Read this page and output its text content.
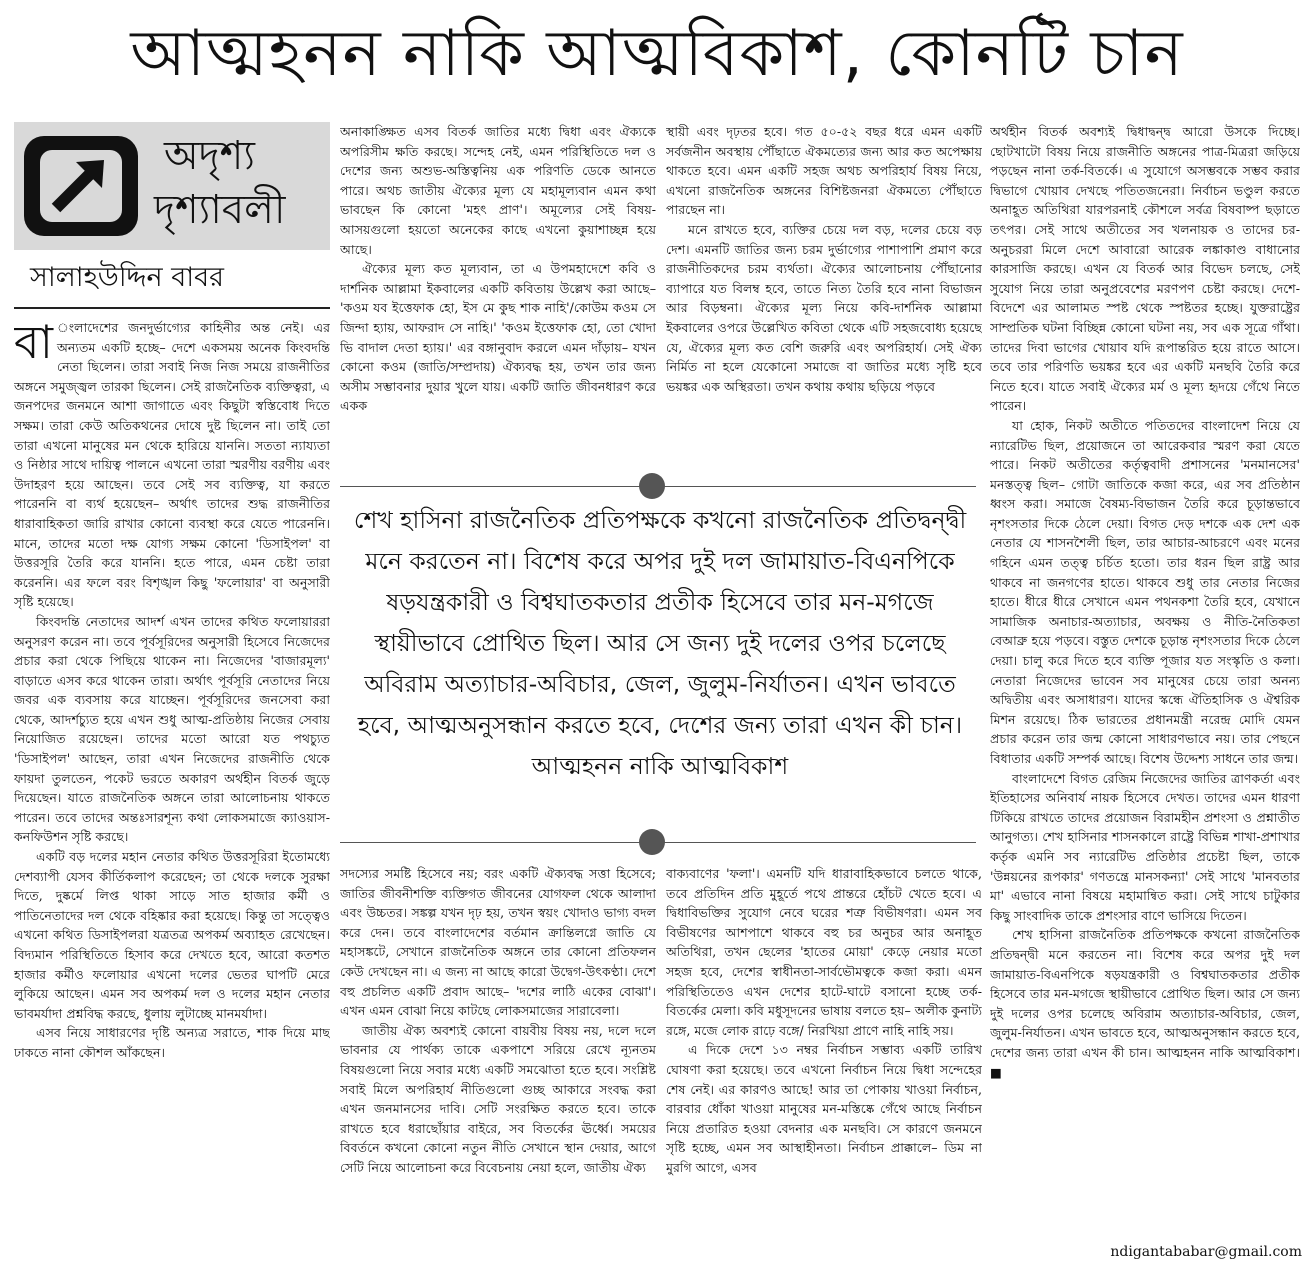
আত্মহনন নাকি আত্মবিকাশ, কোনটি চান
অদৃশ্য
দৃশ্যাবলী
সালাহউদ্দিন বাবর

বা ংলাদেশের জনদুর্ভাগ্যের কাহিনীর অন্ত নেই। এর অন্যতম একটি হচ্ছে– দেশে একসময় অনেক কিংবদন্তি নেতা ছিলেন। তারা সবাই নিজ নিজ সময়ে রাজনীতির অঙ্গনে সমুজ্জ্বল তারকা ছিলেন। সেই রাজনৈতিক ব্যক্তিত্বরা, এ জনপদের জনমনে আশা জাগাতে এবং কিছুটা স্বস্তিবোধ দিতে সক্ষম। তারা কেউ অতিকথনের দোষে দুষ্ট ছিলেন না। তাই তো তারা এখনো মানুষের মন থেকে হারিয়ে যাননি। সততা ন্যায্যতা ও নিষ্ঠার সাথে দায়িত্ব পালনে এখনো তারা স্মরণীয় বরণীয় এবং উদাহরণ হয়ে আছেন। তবে সেই সব ব্যক্তিত্ব, যা করতে পারেননি বা ব্যর্থ হয়েছেন– অর্থাৎ তাদের শুদ্ধ রাজনীতির ধারাবাহিকতা জারি রাখার কোনো ব্যবস্থা করে যেতে পারেননি। মানে, তাদের মতো দক্ষ যোগ্য সক্ষম কোনো 'ডিসাইপল' বা উত্তরসূরি তৈরি করে যাননি। হতে পারে, এমন চেষ্টা তারা করেননি। এর ফলে বরং বিশৃঙ্খল কিছু 'ফলোয়ার' বা অনুসারী সৃষ্টি হয়েছে।

কিংবদন্তি নেতাদের আদর্শ এখন তাদের কথিত ফলোয়াররা অনুসরণ করেন না। তবে পূর্বসূরিদের অনুসারী হিসেবে নিজেদের প্রচার করা থেকে পিছিয়ে থাকেন না। নিজেদের 'বাজারমূল্য' বাড়াতে এসব করে থাকেন তারা। অর্থাৎ পূর্বসূরি নেতাদের নিয়ে জবর এক ব্যবসায় করে যাচ্ছেন। পূর্বসূরিদের জনসেবা করা থেকে, আদর্শচ্যুত হয়ে এখন শুধু আত্ম-প্রতিষ্ঠায় নিজের সেবায় নিয়োজিত রয়েছেন। তাদের মতো আরো যত পথচ্যুত 'ডিসাইপল' আছেন, তারা এখন নিজেদের রাজনীতি থেকে ফায়দা তুলতেন, পকেট ভরতে অকারণ অর্থহীন বিতর্ক জুড়ে দিয়েছেন। যাতে রাজনৈতিক অঙ্গনে তারা আলোচনায় থাকতে পারেন। তবে তাদের অন্তঃসারশূন্য কথা লোকসমাজে ক্যাওয়াস-কনফিউশন সৃষ্টি করছে।

একটি বড় দলের মহান নেতার কথিত উত্তরসূরিরা ইতোমধ্যে দেশব্যাপী যেসব কীর্তিকলাপ করেছেন; তা থেকে দলকে সুরক্ষা দিতে, দুষ্কর্মে লিপ্ত থাকা সাড়ে সাত হাজার কর্মী ও পাতিনেতাদের দল থেকে বহিষ্কার করা হয়েছে। কিন্তু তা সত্ত্বেও এখনো কথিত ডিসাইপলরা যত্রতত্র অপকর্ম অব্যাহত রেখেছেন। বিদ্যমান পরিস্থিতিতে হিসাব করে দেখতে হবে, আরো কতশত হাজার কর্মীও ফলোয়ার এখনো দলের ভেতর ঘাপটি মেরে লুকিয়ে আছেন। এমন সব অপকর্ম দল ও দলের মহান নেতার ভাবমর্যাদা প্রশ্নবিদ্ধ করছে, ধুলায় লুটাচ্ছে মানমর্যাদা।

এসব নিয়ে সাধারণের দৃষ্টি অন্যত্র সরাতে, শাক দিয়ে মাছ ঢাকতে নানা কৌশল আঁকছেন।

অনাকাঙ্ক্ষিত এসব বিতর্ক জাতির মধ্যে দ্বিধা এবং ঐক্যকে অপরিসীম ক্ষতি করছে। সন্দেহ নেই, এমন পরিস্থিতিতে দল ও দেশের জন্য অশুভ-অস্তিত্বনিয় এক পরিণতি ডেকে আনতে পারে। অথচ জাতীয় ঐক্যের মূল্য যে মহামূল্যবান এমন কথা ভাবছেন কি কোনো 'মহৎ প্রাণ'। অমূল্যের সেই বিষয়-আসয়গুলো হয়তো অনেকের কাছে এখনো কুয়াশাচ্ছন্ন হয়ে আছে।

ঐক্যের মূল্য কত মূল্যবান, তা এ উপমহাদেশে কবি ও দার্শনিক আল্লামা ইকবালের একটি কবিতায় উল্লেখ করা আছে– 'কওম যব ইত্তেফাক হো, ইস মে কুছ শাক নাহি'/কোউম কওম সে জিন্দা হ্যায়, আফরাদ সে নাহি।' 'কওম ইত্তেফাক হো, তো খোদা ভি বাদাল দেতা হ্যায়।' এর বঙ্গানুবাদ করলে এমন দাঁড়ায়– যখন কোনো কওম (জাতি/সম্প্রদায়) ঐক্যবদ্ধ হয়, তখন তার জন্য অসীম সম্ভাবনার দুয়ার খুলে যায়। একটি জাতি জীবনধারণ করে একক

স্থায়ী এবং দৃঢ়তর হবে। গত ৫০-৫২ বছর ধরে এমন একটি সর্বজনীন অবস্থায় পৌঁছাতে ঐকমত্যের জন্য আর কত অপেক্ষায় থাকতে হবে। এমন একটি সহজ অথচ অপরিহার্য বিষয় নিয়ে, এখনো রাজনৈতিক অঙ্গনের বিশিষ্টজনরা ঐকমত্যে পৌঁছাতে পারছেন না।

মনে রাখতে হবে, ব্যক্তির চেয়ে দল বড়, দলের চেয়ে বড় দেশ। এমনটি জাতির জন্য চরম দুর্ভাগ্যের পাশাপাশি প্রমাণ করে রাজনীতিকদের চরম ব্যর্থতা। ঐক্যের আলোচনায় পৌঁছানোর ব্যাপারে যত বিলম্ব হবে, তাতে নিত্য তৈরি হবে নানা বিভাজন আর বিড়ম্বনা। ঐক্যের মূল্য নিয়ে কবি-দার্শনিক আল্লামা ইকবালের ওপরে উল্লেখিত কবিতা থেকে এটি সহজবোধ্য হয়েছে যে, ঐক্যের মূল্য কত বেশি জরুরি এবং অপরিহার্য। সেই ঐক্য নির্মিত না হলে যেকোনো সমাজে বা জাতির মধ্যে সৃষ্টি হবে ভয়ঙ্কর এক অস্থিরতা। তখন কথায় কথায় ছড়িয়ে পড়বে

শেখ হাসিনা রাজনৈতিক প্রতিপক্ষকে কখনো রাজনৈতিক প্রতিদ্বন্দ্বী মনে করতেন না। বিশেষ করে অপর দুই দল জামায়াত-বিএনপিকে ষড়যন্ত্রকারী ও বিশ্বঘাতকতার প্রতীক হিসেবে তার মন-মগজে স্থায়ীভাবে প্রোথিত ছিল। আর সে জন্য দুই দলের ওপর চলেছে অবিরাম অত্যাচার-অবিচার, জেল, জুলুম-নির্যাতন। এখন ভাবতে হবে, আত্মঅনুসন্ধান করতে হবে, দেশের জন্য তারা এখন কী চান। আত্মহনন নাকি আত্মবিকাশ

সদস্যের সমষ্টি হিসেবে নয়; বরং একটি ঐক্যবদ্ধ সত্তা হিসেবে; জাতির জীবনীশক্তি ব্যক্তিগত জীবনের যোগফল থেকে আলাদা এবং উচ্চতর। সঙ্কল্প যখন দৃঢ় হয়, তখন স্বয়ং খোদাও ভাগ্য বদল করে দেন। তবে বাংলাদেশের বর্তমান ক্রান্তিলগ্নে জাতি যে মহাসঙ্কটে, সেখানে রাজনৈতিক অঙ্গনে তার কোনো প্রতিফলন কেউ দেখছেন না। এ জন্য না আছে কারো উদ্বেগ-উৎকণ্ঠা। দেশে বহু প্রচলিত একটি প্রবাদ আছে– 'দশের লাঠি একের বোঝা'। এখন এমন বোঝা নিয়ে কাটছে লোকসমাজের সারাবেলা।

জাতীয় ঐক্য অবশ্যই কোনো বায়বীয় বিষয় নয়, দলে দলে ভাবনার যে পার্থক্য তাকে একপাশে সরিয়ে রেখে ন্যূনতম বিষয়গুলো নিয়ে সবার মধ্যে একটি সমঝোতা হতে হবে। সংশ্লিষ্ট সবাই মিলে অপরিহার্য নীতিগুলো গুচ্ছ আকারে সংবদ্ধ করা এখন জনমানসের দাবি। সেটি সংরক্ষিত করতে হবে। তাকে রাখতে হবে ধরাছোঁয়ার বাইরে, সব বিতর্কের ঊর্ধ্বে। সময়ের বিবর্তনে কখনো কোনো নতুন নীতি সেখানে স্থান দেয়ার, আগে সেটি নিয়ে আলোচনা করে বিবেচনায় নেয়া হলে, জাতীয় ঐক্য

বাক্যবাণের 'ফলা'। এমনটি যদি ধারাবাহিকভাবে চলতে থাকে, তবে প্রতিদিন প্রতি মুহূর্তে পথে প্রান্তরে হোঁচট খেতে হবে। এ দ্বিধাবিভক্তির সুযোগ নেবে ঘরের শত্রু বিভীষণরা। এমন সব বিভীষণের আশপাশে থাকবে বহু চর অনুচর আর অনাহূত অতিথিরা, তখন ছেলের 'হাতের মোয়া' কেড়ে নেয়ার মতো সহজ হবে, দেশের স্বাধীনতা-সার্বভৌমত্বকে কজা করা। এমন পরিস্থিতিতেও এখন দেশের হাটে-ঘাটে বসানো হচ্ছে তর্ক-বিতর্কের মেলা। কবি মধুসূদনের ভাষায় বলতে হয়– অলীক কুনাট্য রঙ্গে, মজে লোক রাঢ়ে বঙ্গে/ নিরখিয়া প্রাণে নাহি নাহি সয়।

এ দিকে দেশে ১৩ নম্বর নির্বাচন সম্ভাব্য একটি তারিখ ঘোষণা করা হয়েছে। তবে এখনো নির্বাচন নিয়ে দ্বিধা সন্দেহের শেষ নেই। এর কারণও আছে! আর তা পোকায় খাওয়া নির্বাচন, বারবার ধোঁকা খাওয়া মানুষের মন-মস্তিষ্কে গেঁথে আছে নির্বাচন নিয়ে প্রতারিত হওয়া বেদনার এক মনছবি। সে কারণে জনমনে সৃষ্টি হচ্ছে, এমন সব আস্থাহীনতা। নির্বাচন প্রাক্কালে– ডিম না মুরগি আগে, এসব

অর্থহীন বিতর্ক অবশ্যই দ্বিধাদ্বন্দ্ব আরো উসকে দিচ্ছে। ছোটখাটো বিষয় নিয়ে রাজনীতি অঙ্গনের পাত্র-মিত্ররা জড়িয়ে পড়ছেন নানা তর্ক-বিতর্কে। এ সুযোগে অসম্ভবকে সম্ভব করার দ্বিভাগে খোয়াব দেখছে পতিতজনেরা। নির্বাচন ভণ্ডুল করতে অনাহূত অতিথিরা যারপরনাই কৌশলে সর্বত্র বিষবাষ্প ছড়াতে তৎপর। সেই সাথে অতীতের সব খলনায়ক ও তাদের চর-অনুচররা মিলে দেশে আবারো আরেক লঙ্কাকাণ্ড বাধানোর কারসাজি করছে। এখন যে বিতর্ক আর বিভেদ চলছে, সেই সুযোগ নিয়ে তারা অনুপ্রবেশের মরণপণ চেষ্টা করছে। দেশে-বিদেশে এর আলামত স্পষ্ট থেকে স্পষ্টতর হচ্ছে। যুক্তরাষ্ট্রের সাম্প্রতিক ঘটনা বিচ্ছিন্ন কোনো ঘটনা নয়, সব এক সূত্রে গাঁথা। তাদের দিবা ভাগের খোয়াব যদি রূপান্তরিত হয়ে রাতে আসে। তবে তার পরিণতি ভয়ঙ্কর হবে এর একটি মনছবি তৈরি করে নিতে হবে। যাতে সবাই ঐক্যের মর্ম ও মূল্য হৃদয়ে গেঁথে নিতে পারেন।

যা হোক, নিকট অতীতে পতিতদের বাংলাদেশ নিয়ে যে ন্যারেটিভ ছিল, প্রয়োজনে তা আরেকবার স্মরণ করা যেতে পারে। নিকট অতীতের কর্তৃত্ববাদী প্রশাসনের 'মনমানসের' মনস্তত্ত্ব ছিল– গোটা জাতিকে কজা করে, এর সব প্রতিষ্ঠান ধ্বংস করা। সমাজে বৈষম্য-বিভাজন তৈরি করে চূড়ান্তভাবে নৃশংসতার দিকে ঠেলে দেয়া। বিগত দেড় দশকে এক দেশ এক নেতার যে শাসনশৈলী ছিল, তার আচার-আচরণে এবং মনের গহিনে এমন তত্ত্ব চর্চিত হতো। তার ধরন ছিল রাষ্ট্র আর থাকবে না জনগণের হাতে। থাকবে শুধু তার নেতার নিজের হাতে। ধীরে ধীরে সেখানে এমন পথনকশা তৈরি হবে, যেখানে সামাজিক অনাচার-অত্যাচার, অবক্ষয় ও নীতি-নৈতিকতা বেআব্রু হয়ে পড়বে। বস্তুত দেশকে চূড়ান্ত নৃশংসতার দিকে ঠেলে দেয়া। চালু করে দিতে হবে ব্যক্তি পূজার যত সংস্কৃতি ও কলা। নেতারা নিজেদের ভাবেন সব মানুষের চেয়ে তারা অনন্য অদ্বিতীয় এবং অসাধারণ। যাদের স্কন্ধে ঐতিহাসিক ও ঐশ্বরিক মিশন রয়েছে। ঠিক ভারতের প্রধানমন্ত্রী নরেন্দ্র মোদি যেমন প্রচার করেন তার জন্ম কোনো সাধারণভাবে নয়। তার পেছনে বিধাতার একটি সম্পর্ক আছে। বিশেষ উদ্দেশ্য সাধনে তার জন্ম।

বাংলাদেশে বিগত রেজিম নিজেদের জাতির ত্রাণকর্তা এবং ইতিহাসের অনিবার্য নায়ক হিসেবে দেখত। তাদের এমন ধারণা টিকিয়ে রাখতে তাদের প্রয়োজন বিরামহীন প্রশংসা ও প্রশ্নাতীত আনুগত্য। শেখ হাসিনার শাসনকালে রাষ্ট্রে বিভিন্ন শাখা-প্রশাখার কর্তৃক এমনি সব ন্যারেটিভ প্রতিষ্ঠার প্রচেষ্টা ছিল, তাকে 'উন্নয়নের রূপকার' গণতন্ত্রে মানসকন্যা' সেই সাথে 'মানবতার মা' এভাবে নানা বিষয়ে মহামান্বিত করা। সেই সাথে চাটুকার কিছু সাংবাদিক তাকে প্রশংসার বাণে ভাসিয়ে দিতেন।

শেখ হাসিনা রাজনৈতিক প্রতিপক্ষকে কখনো রাজনৈতিক প্রতিদ্বন্দ্বী মনে করতেন না। বিশেষ করে অপর দুই দল জামায়াত-বিএনপিকে ষড়যন্ত্রকারী ও বিশ্বঘাতকতার প্রতীক হিসেবে তার মন-মগজে স্থায়ীভাবে প্রোথিত ছিল। আর সে জন্য দুই দলের ওপর চলেছে অবিরাম অত্যাচার-অবিচার, জেল, জুলুম-নির্যাতন। এখন ভাবতে হবে, আত্মঅনুসন্ধান করতে হবে, দেশের জন্য তারা এখন কী চান। আত্মহনন নাকি আত্মবিকাশ। ■

ndigantababar@gmail.com
